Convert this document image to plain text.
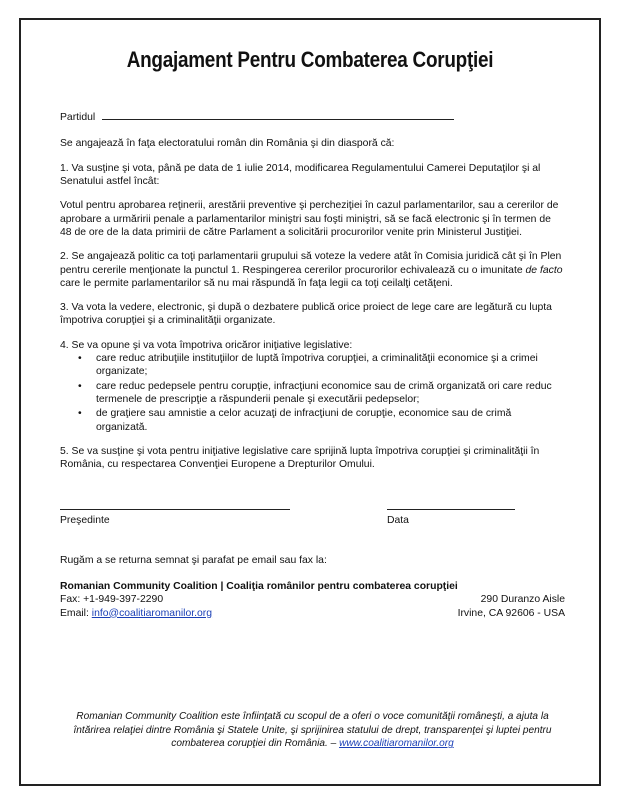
Angajament Pentru Combaterea Corupţiei
Partidul

Se angajează în faţa electoratului român din România şi din diasporă că:

1. Va susţine şi vota, până pe data de 1 iulie 2014, modificarea Regulamentului Camerei Deputaţilor şi al Senatului astfel încât:

Votul pentru aprobarea reţinerii, arestării preventive şi percheziţiei în cazul parlamentarilor, sau a cererilor de aprobare a urmăririi penale a parlamentarilor miniştri sau foşti miniştri, să se facă electronic şi în termen de 48 de ore de la data primirii de către Parlament a solicitării procurorilor venite prin Ministerul Justiţiei.

2. Se angajează politic ca toţi parlamentarii grupului să voteze la vedere atât în Comisia juridică cât şi în Plen pentru cererile menţionate la punctul 1. Respingerea cererilor procurorilor echivalează cu o imunitate de facto care le permite parlamentarilor să nu mai răspundă în faţa legii ca toţi ceilalţi cetăţeni.

3. Va vota la vedere, electronic, şi după o dezbatere publică orice proiect de lege care are legătură cu lupta împotriva corupţiei şi a criminalităţii organizate.

4. Se va opune şi va vota împotriva oricăror iniţiative legislative:

• care reduc atribuţiile instituţiilor de luptă împotriva corupţiei, a criminalităţii economice şi a crimei organizate;
• care reduc pedepsele pentru corupţie, infracţiuni economice sau de crimă organizată ori care reduc termenele de prescripţie a răspunderii penale şi executării pedepselor;
• de graţiere sau amnistie a celor acuzaţi de infracţiuni de corupţie, economice sau de crimă organizată.

5. Se va susţine şi vota pentru iniţiative legislative care sprijină lupta împotriva corupţiei şi criminalităţii în România, cu respectarea Convenţiei Europene a Drepturilor Omului.

Preşedinte	Data

Rugăm a se returna semnat şi parafat pe email sau fax la:

Romanian Community Coalition | Coaliţia românilor pentru combaterea corupţiei

Fax: +1-949-397-2290	290 Duranzo Aisle
Email: info@coalitiaromanilor.org	Irvine, CA 92606 - USA

Romanian Community Coalition este înfiinţată cu scopul de a oferi o voce comunităţii româneşti, a ajuta la întărirea relaţiei dintre România şi Statele Unite, şi sprijinirea statului de drept, transparenţei şi luptei pentru combaterea corupţiei din România. – www.coalitiaromanilor.org
